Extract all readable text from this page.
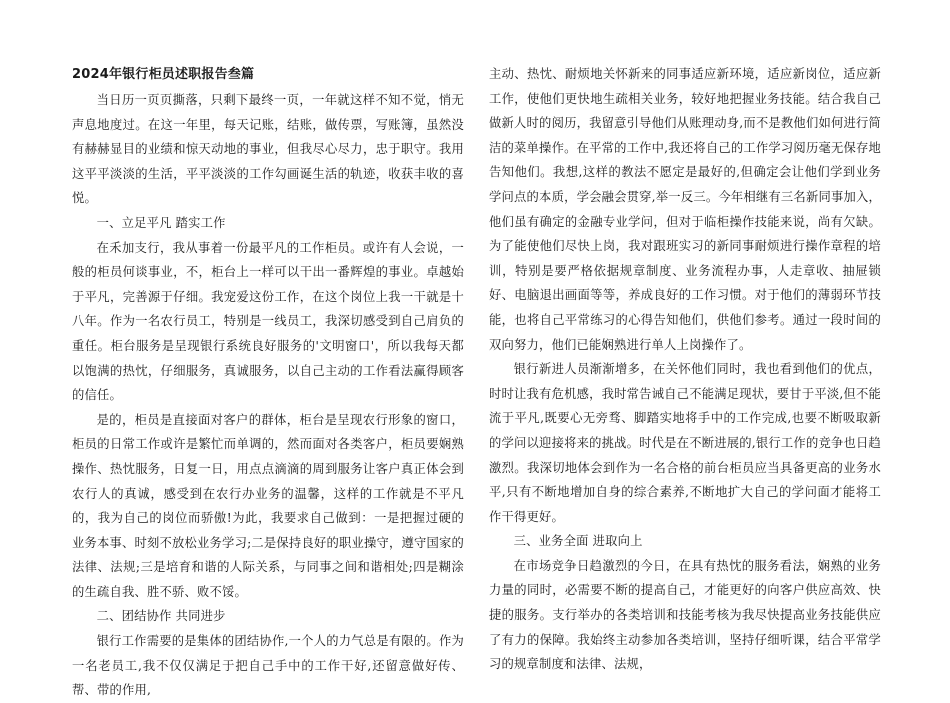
2024年银行柜员述职报告叁篇

当日历一页页撕落，只剩下最终一页，一年就这样不知不觉，悄无声息地度过。在这一年里，每天记账，结账，做传票，写账簿，虽然没有赫赫显目的业绩和惊天动地的事业，但我尽心尽力，忠于职守。我用这平平淡淡的生活，平平淡淡的工作勾画诞生活的轨迹，收获丰收的喜悦。

一、立足平凡 踏实工作

在禾加支行，我从事着一份最平凡的工作柜员。或许有人会说，一般的柜员何谈事业，不，柜台上一样可以干出一番辉煌的事业。卓越始于平凡，完善源于仔细。我宠爱这份工作，在这个岗位上我一干就是十八年。作为一名农行员工，特别是一线员工，我深切感受到自己肩负的重任。柜台服务是呈现银行系统良好服务的'文明窗口'，所以我每天都以饱满的热忱，仔细服务，真诚服务，以自己主动的工作看法赢得顾客的信任。

是的，柜员是直接面对客户的群体，柜台是呈现农行形象的窗口，柜员的日常工作或许是繁忙而单调的，然而面对各类客户，柜员要娴熟操作、热忱服务，日复一日，用点点滴滴的周到服务让客户真正体会到农行人的真诚，感受到在农行办业务的温馨，这样的工作就是不平凡的，我为自己的岗位而骄傲!为此，我要求自己做到：一是把握过硬的业务本事、时刻不放松业务学习;二是保持良好的职业操守，遵守国家的法律、法规;三是培育和谐的人际关系，与同事之间和谐相处;四是糊涂的生疏自我、胜不骄、败不馁。

二、团结协作 共同进步

银行工作需要的是集体的团结协作,一个人的力气总是有限的。作为一名老员工,我不仅仅满足于把自己手中的工作干好,还留意做好传、帮、带的作用,

主动、热忱、耐烦地关怀新来的同事适应新环境，适应新岗位，适应新工作，使他们更快地生疏相关业务，较好地把握业务技能。结合我自己做新人时的阅历，我留意引导他们从账理动身,而不是教他们如何进行简洁的菜单操作。在平常的工作中,我还将自己的工作学习阅历毫无保存地告知他们。我想,这样的教法不愿定是最好的,但确定会让他们学到业务学问点的本质，学会融会贯穿,举一反三。今年相继有三名新同事加入， 他们虽有确定的金融专业学问，但对于临柜操作技能来说，尚有欠缺。为了能使他们尽快上岗，我对跟班实习的新同事耐烦进行操作章程的培训，特别是要严格依据规章制度、业务流程办事，人走章收、抽屉锁好、电脑退出画面等等，养成良好的工作习惯。对于他们的薄弱环节技能，也将自己平常练习的心得告知他们，供他们参考。通过一段时间的双向努力，他们已能娴熟进行单人上岗操作了。

银行新进人员渐渐增多，在关怀他们同时，我也看到他们的优点，时时让我有危机感，我时常告诫自己不能满足现状，要甘于平淡,但不能流于平凡,既要心无旁骛、脚踏实地将手中的工作完成,也要不断吸取新的学问以迎接将来的挑战。时代是在不断进展的,银行工作的竞争也日趋激烈。我深切地体会到作为一名合格的前台柜员应当具备更高的业务水平,只有不断地增加自身的综合素养,不断地扩大自己的学问面才能将工作干得更好。

三、业务全面 进取向上

在市场竞争日趋激烈的今日，在具有热忱的服务看法，娴熟的业务力量的同时，必需要不断的提高自己，才能更好的向客户供应高效、快捷的服务。支行举办的各类培训和技能考核为我尽快提高业务技能供应了有力的保障。我始终主动参加各类培训，坚持仔细听课，结合平常学习的规章制度和法律、法规，
